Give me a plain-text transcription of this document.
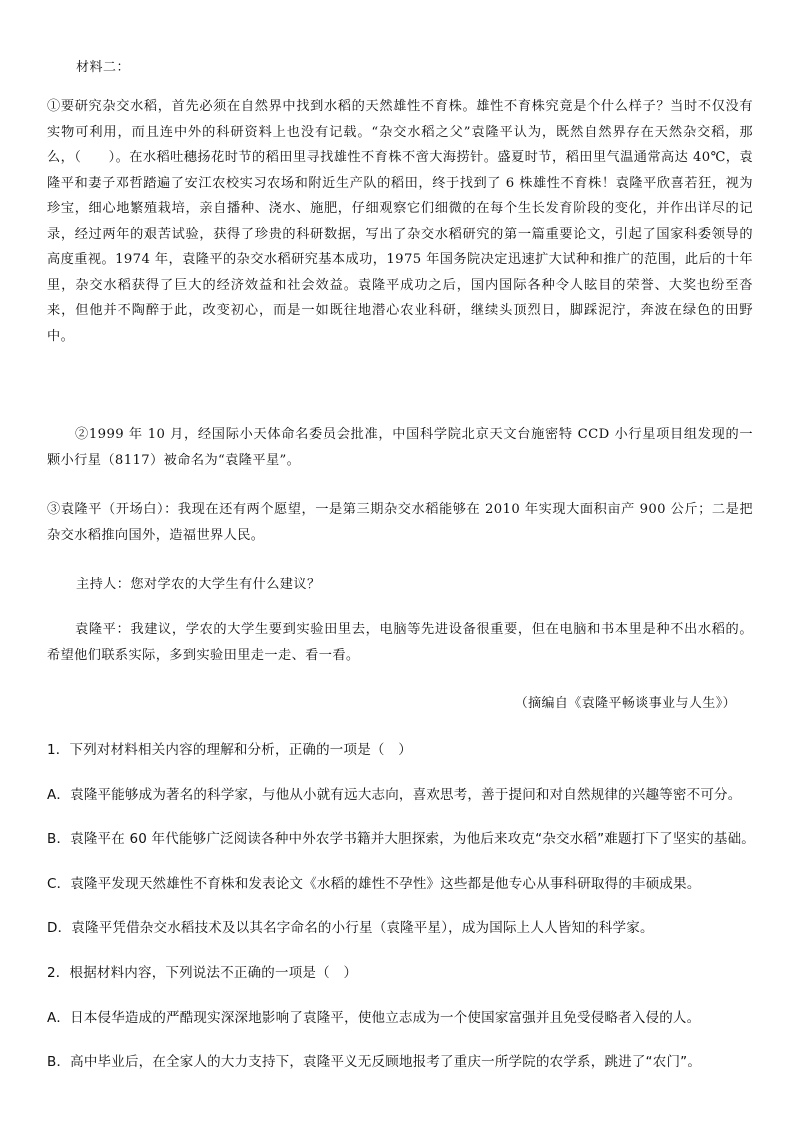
材料二：
①要研究杂交水稻，首先必须在自然界中找到水稻的天然雄性不育株。雄性不育株究竟是个什么样子？当时不仅没有实物可利用，而且连中外的科研资料上也没有记载。“杂交水稻之父”袁隆平认为，既然自然界存在天然杂交稻，那么，（　　）。在水稻吐穗扬花时节的稻田里寻找雄性不育株不啻大海捞针。盛夏时节，稻田里气温通常高达 40℃，袁隆平和妻子邓哲踏遍了安江农校实习农场和附近生产队的稻田，终于找到了 6 株雄性不育株！袁隆平欣喜若狂，视为珍宝，细心地繁殖栽培，亲自播种、浇水、施肥，仔细观察它们细微的在每个生长发育阶段的变化，并作出详尽的记录，经过两年的艰苦试验，获得了珍贵的科研数据，写出了杂交水稻研究的第一篇重要论文，引起了国家科委领导的高度重视。1974 年，袁隆平的杂交水稻研究基本成功，1975 年国务院决定迅速扩大试种和推广的范围，此后的十年里，杂交水稻获得了巨大的经济效益和社会效益。袁隆平成功之后，国内国际各种令人眩目的荣誉、大奖也纷至沓来，但他并不陶醉于此，改变初心，而是一如既往地潜心农业科研，继续头顶烈日，脚踩泥泞，奔波在绿色的田野中。
②1999 年 10 月，经国际小天体命名委员会批准，中国科学院北京天文台施密特 CCD 小行星项目组发现的一颗小行星（8117）被命名为“袁隆平星”。
③袁隆平（开场白）：我现在还有两个愿望，一是第三期杂交水稻能够在 2010 年实现大面积亩产 900 公斤；二是把杂交水稻推向国外，造福世界人民。
主持人：您对学农的大学生有什么建议？
袁隆平：我建议，学农的大学生要到实验田里去，电脑等先进设备很重要，但在电脑和书本里是种不出水稻的。希望他们联系实际，多到实验田里走一走、看一看。
（摘编自《袁隆平畅谈事业与人生》）
1．下列对材料相关内容的理解和分析，正确的一项是（　）
A．袁隆平能够成为著名的科学家，与他从小就有远大志向，喜欢思考，善于提问和对自然规律的兴趣等密不可分。
B．袁隆平在 60 年代能够广泛阅读各种中外农学书籍并大胆探索，为他后来攻克“杂交水稻”难题打下了坚实的基础。
C．袁隆平发现天然雄性不育株和发表论文《水稻的雄性不孕性》这些都是他专心从事科研取得的丰硕成果。
D．袁隆平凭借杂交水稻技术及以其名字命名的小行星（袁隆平星），成为国际上人人皆知的科学家。
2．根据材料内容，下列说法不正确的一项是（　）
A．日本侵华造成的严酷现实深深地影响了袁隆平，使他立志成为一个使国家富强并且免受侵略者入侵的人。
B．高中毕业后，在全家人的大力支持下，袁隆平义无反顾地报考了重庆一所学院的农学系，跳进了“农门”。
